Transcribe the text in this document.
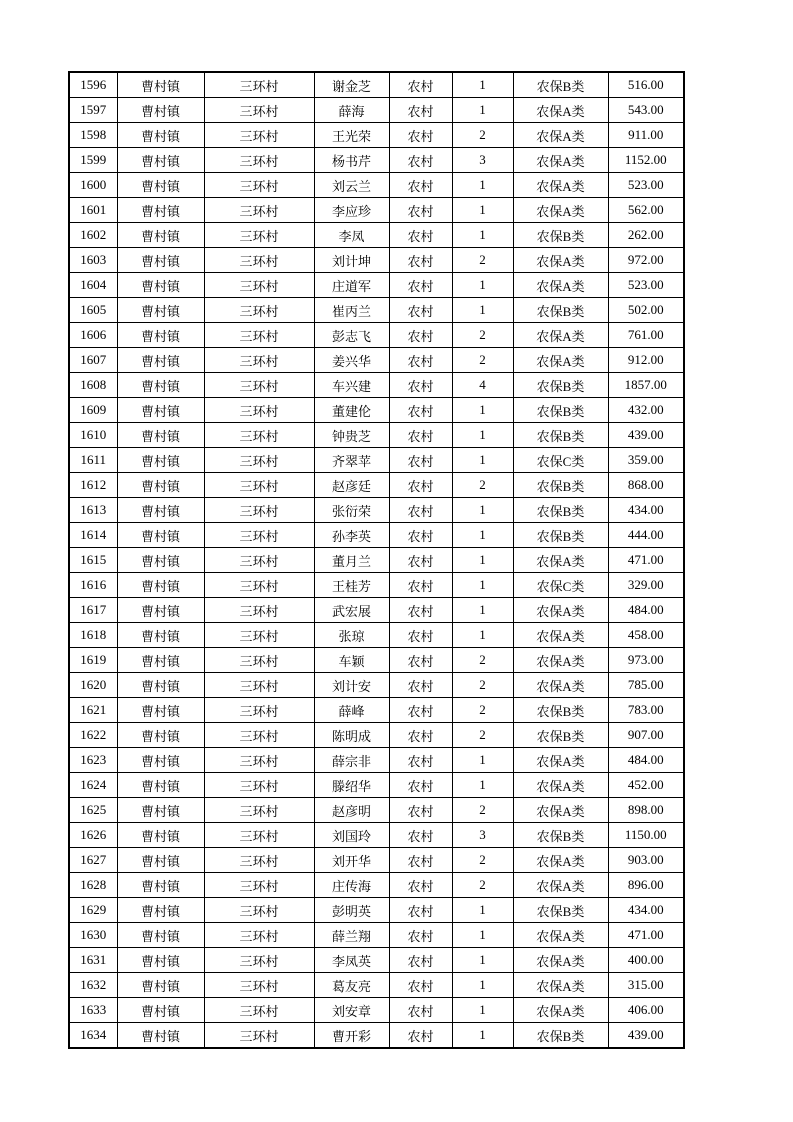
1596	曹村镇	三环村	谢金芝	农村	1	农保B类	516.00
1597	曹村镇	三环村	薛海	农村	1	农保A类	543.00
1598	曹村镇	三环村	王光荣	农村	2	农保A类	911.00
1599	曹村镇	三环村	杨书芹	农村	3	农保A类	1152.00
1600	曹村镇	三环村	刘云兰	农村	1	农保A类	523.00
1601	曹村镇	三环村	李应珍	农村	1	农保A类	562.00
1602	曹村镇	三环村	李凤	农村	1	农保B类	262.00
1603	曹村镇	三环村	刘计坤	农村	2	农保A类	972.00
1604	曹村镇	三环村	庄道军	农村	1	农保A类	523.00
1605	曹村镇	三环村	崔丙兰	农村	1	农保B类	502.00
1606	曹村镇	三环村	彭志飞	农村	2	农保A类	761.00
1607	曹村镇	三环村	姜兴华	农村	2	农保A类	912.00
1608	曹村镇	三环村	车兴建	农村	4	农保B类	1857.00
1609	曹村镇	三环村	董建伦	农村	1	农保B类	432.00
1610	曹村镇	三环村	钟贵芝	农村	1	农保B类	439.00
1611	曹村镇	三环村	齐翠苹	农村	1	农保C类	359.00
1612	曹村镇	三环村	赵彦廷	农村	2	农保B类	868.00
1613	曹村镇	三环村	张衍荣	农村	1	农保B类	434.00
1614	曹村镇	三环村	孙李英	农村	1	农保B类	444.00
1615	曹村镇	三环村	董月兰	农村	1	农保A类	471.00
1616	曹村镇	三环村	王桂芳	农村	1	农保C类	329.00
1617	曹村镇	三环村	武宏展	农村	1	农保A类	484.00
1618	曹村镇	三环村	张琼	农村	1	农保A类	458.00
1619	曹村镇	三环村	车颖	农村	2	农保A类	973.00
1620	曹村镇	三环村	刘计安	农村	2	农保A类	785.00
1621	曹村镇	三环村	薛峰	农村	2	农保B类	783.00
1622	曹村镇	三环村	陈明成	农村	2	农保B类	907.00
1623	曹村镇	三环村	薛宗非	农村	1	农保A类	484.00
1624	曹村镇	三环村	滕绍华	农村	1	农保A类	452.00
1625	曹村镇	三环村	赵彦明	农村	2	农保A类	898.00
1626	曹村镇	三环村	刘国玲	农村	3	农保B类	1150.00
1627	曹村镇	三环村	刘开华	农村	2	农保A类	903.00
1628	曹村镇	三环村	庄传海	农村	2	农保A类	896.00
1629	曹村镇	三环村	彭明英	农村	1	农保B类	434.00
1630	曹村镇	三环村	薛兰翔	农村	1	农保A类	471.00
1631	曹村镇	三环村	李凤英	农村	1	农保A类	400.00
1632	曹村镇	三环村	葛友亮	农村	1	农保A类	315.00
1633	曹村镇	三环村	刘安章	农村	1	农保A类	406.00
1634	曹村镇	三环村	曹开彩	农村	1	农保B类	439.00
